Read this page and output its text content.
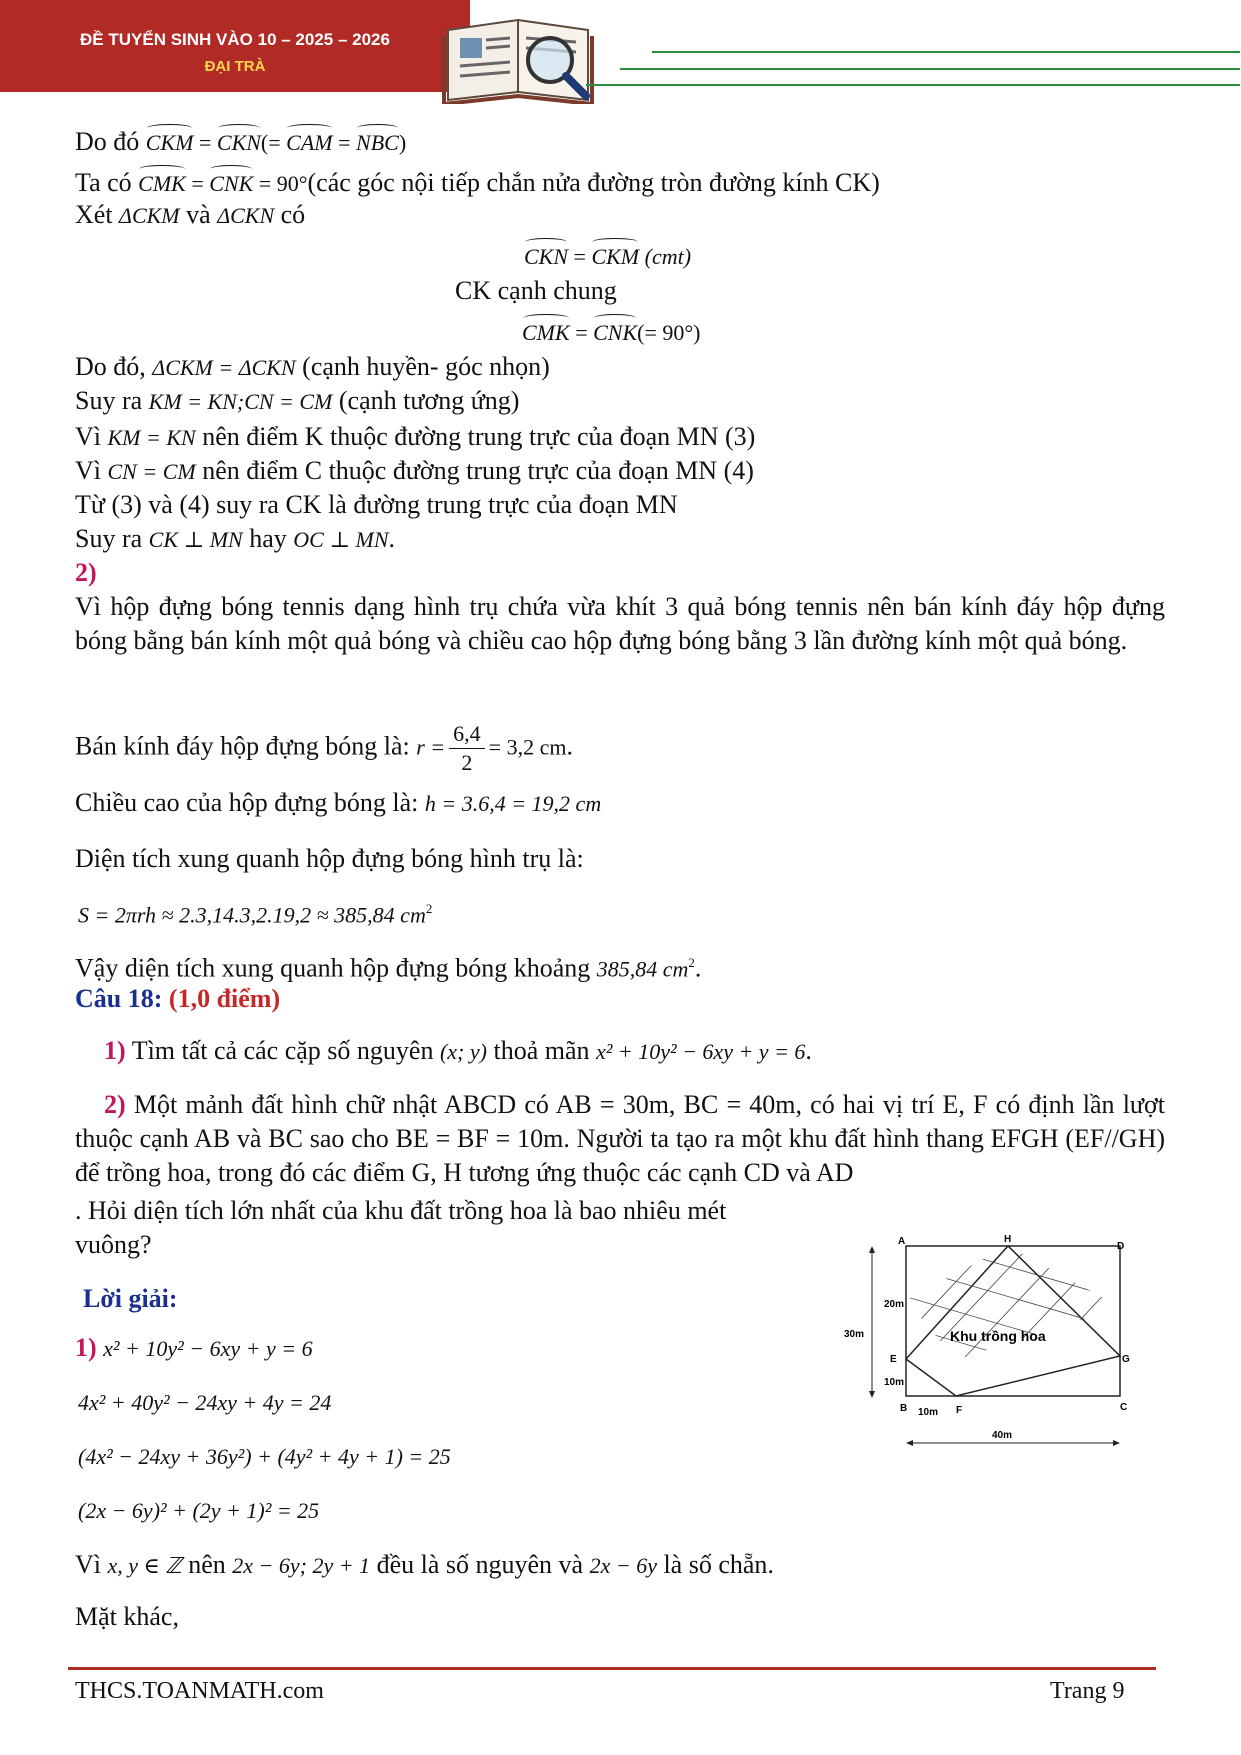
ĐỀ TUYỂN SINH VÀO 10 – 2025 – 2026
ĐẠI TRÀ
Do đó CKM = CKN(= CAM = NBC)
Ta có CMK = CNK = 90°(các góc nội tiếp chắn nửa đường tròn đường kính CK)
Xét ΔCKM và ΔCKN có
CKN = CKM (cmt)
CK cạnh chung
CMK = CNK(= 90°)
Do đó, ΔCKM = ΔCKN (cạnh huyền- góc nhọn)
Suy ra KM = KN;CN = CM (cạnh tương ứng)
Vì KM = KN nên điểm K thuộc đường trung trực của đoạn MN (3)
Vì CN = CM nên điểm C thuộc đường trung trực của đoạn MN (4)
Từ (3) và (4) suy ra CK là đường trung trực của đoạn MN
Suy ra CK ⊥ MN hay OC ⊥ MN.
2)
Vì hộp đựng bóng tennis dạng hình trụ chứa vừa khít 3 quả bóng tennis nên bán kính đáy hộp đựng bóng bằng bán kính một quả bóng và chiều cao hộp đựng bóng bằng 3 lần đường kính một quả bóng.
Bán kính đáy hộp đựng bóng là: $r = \frac{6,4}{2} = 3,2$ cm.
Chiều cao của hộp đựng bóng là: h = 3.6,4 = 19,2 cm
Diện tích xung quanh hộp đựng bóng hình trụ là:
S = 2πrh ≈ 2.3,14.3,2.19,2 ≈ 385,84 $cm^2$
Vậy diện tích xung quanh hộp đựng bóng khoảng 385,84 $cm^2$.
Câu 18: (1,0 điểm)
1) Tìm tất cả các cặp số nguyên (x; y) thoả mãn x² + 10y² − 6xy + y = 6.
2) Một mảnh đất hình chữ nhật ABCD có AB = 30m, BC = 40m, có hai vị trí E, F có định lần lượt thuộc cạnh AB và BC sao cho BE = BF = 10m. Người ta tạo ra một khu đất hình thang EFGH (EF//GH) để trồng hoa, trong đó các điểm G, H tương ứng thuộc các cạnh CD và AD
. Hỏi diện tích lớn nhất của khu đất trồng hoa là bao nhiêu mét
vuông?
Lời giải:
1) x² + 10y² − 6xy + y = 6
4x² + 40y² − 24xy + 4y = 24
(4x² − 24xy + 36y²) + (4y² + 4y + 1) = 25
(2x − 6y)² + (2y + 1)² = 25
Vì x, y ∈ ℤ nên 2x − 6y; 2y + 1 đều là số nguyên và 2x − 6y là số chẵn.
Mặt khác,
A	H
D
E	G
B	F	C
20m
30m
10m
10m
40m
Khu trồng hoa
THCS.TOANMATH.com	Trang 9
